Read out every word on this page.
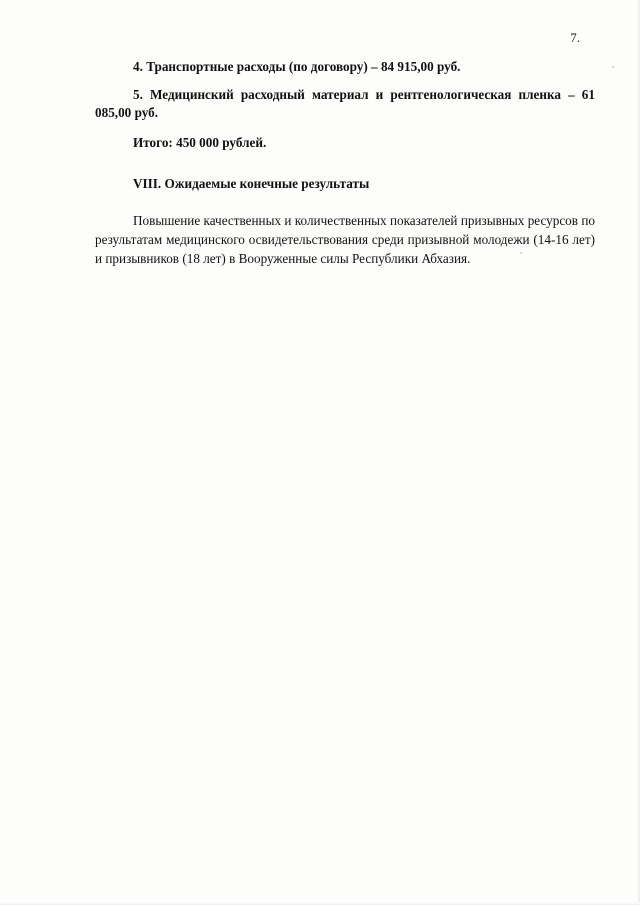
7.

4. Транспортные расходы (по договору) – 84 915,00 руб.

5. Медицинский расходный материал и рентгенологическая пленка – 61 085,00 руб.

Итого: 450 000 рублей.

VIII. Ожидаемые конечные результаты

Повышение качественных и количественных показателей призывных ресурсов по результатам медицинского освидетельствования среди призывной молодежи (14-16 лет) и призывников (18 лет) в Вооруженные силы Республики Абхазия.
